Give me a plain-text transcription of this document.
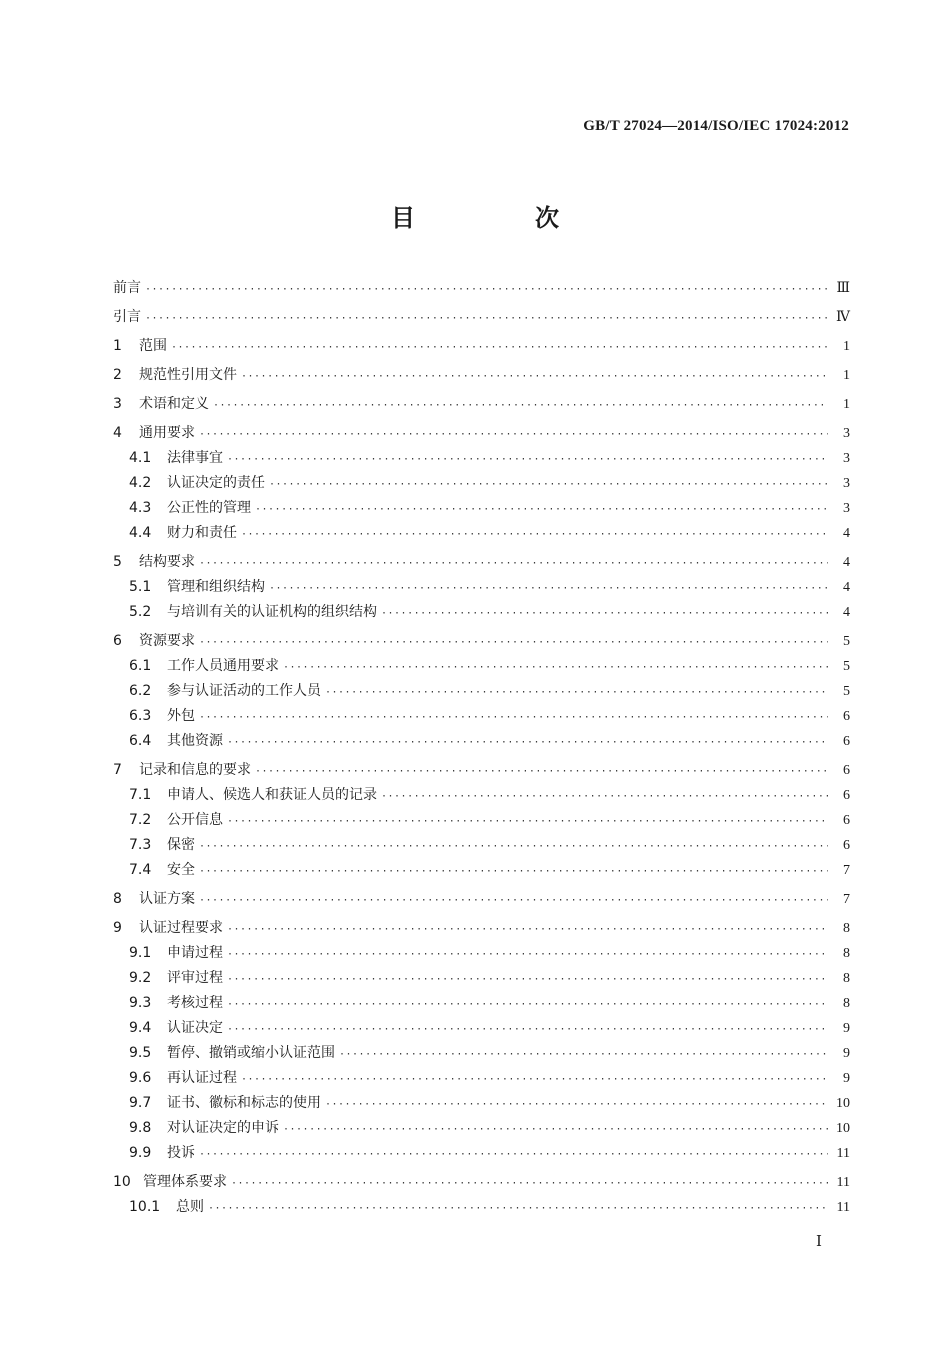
GB/T 27024—2014/ISO/IEC 17024:2012
目　次
前言 ·····	Ⅲ
引言 ·····	Ⅳ
1	范围 ·····	1
2	规范性引用文件 ·····	1
3	术语和定义 ·····	1
4	通用要求 ·····	3
4.1	法律事宜 ·····	3
4.2	认证决定的责任 ·····	3
4.3	公正性的管理 ·····	3
4.4	财力和责任 ·····	4
5	结构要求 ·····	4
5.1	管理和组织结构 ·····	4
5.2	与培训有关的认证机构的组织结构 ·····	4
6	资源要求 ·····	5
6.1	工作人员通用要求 ·····	5
6.2	参与认证活动的工作人员 ·····	5
6.3	外包 ·····	6
6.4	其他资源 ·····	6
7	记录和信息的要求 ·····	6
7.1	申请人、候选人和获证人员的记录 ·····	6
7.2	公开信息 ·····	6
7.3	保密 ·····	6
7.4	安全 ·····	7
8	认证方案 ·····	7
9	认证过程要求 ·····	8
9.1	申请过程 ·····	8
9.2	评审过程 ·····	8
9.3	考核过程 ·····	8
9.4	认证决定 ·····	9
9.5	暂停、撤销或缩小认证范围 ·····	9
9.6	再认证过程 ·····	9
9.7	证书、徽标和标志的使用 ·····	10
9.8	对认证决定的申诉 ·····	10
9.9	投诉 ·····	11
10 管理体系要求 ·····	11
10.1	总则 ·····	11
Ⅰ
